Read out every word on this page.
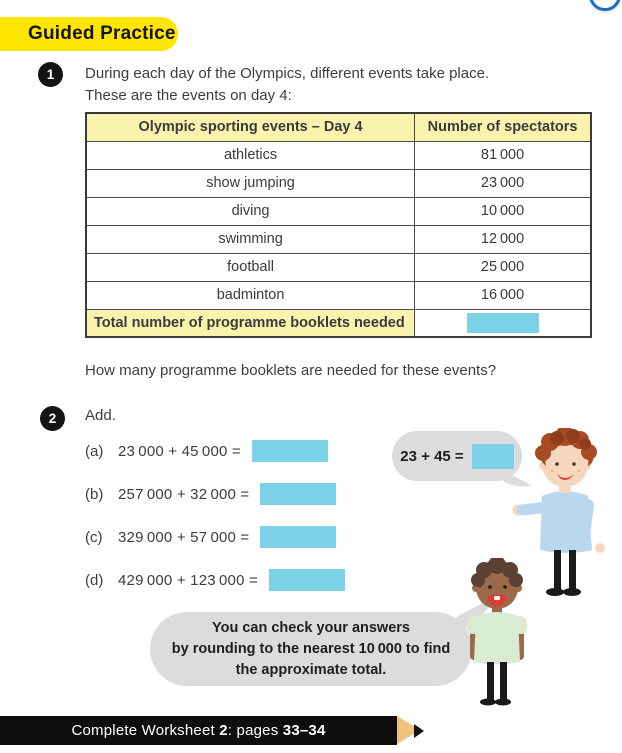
Guided Practice
1 During each day of the Olympics, different events take place.
These are the events on day 4:
Olympic sporting events – Day 4	Number of spectators
athletics	81 000
show jumping	23 000
diving	10 000
swimming	12 000
football	25 000
badminton	16 000
Total number of programme booklets needed	
How many programme booklets are needed for these events?
2 Add.
(a) 23 000 + 45 000 =
(b) 257 000 + 32 000 =
(c)	329 000 + 57 000 =
(d) 429 000 + 123 000 =
23 + 45 =
You can check your answers
by rounding to the nearest 10 000 to find
the approximate total.
Complete Worksheet 2: pages 33–34
